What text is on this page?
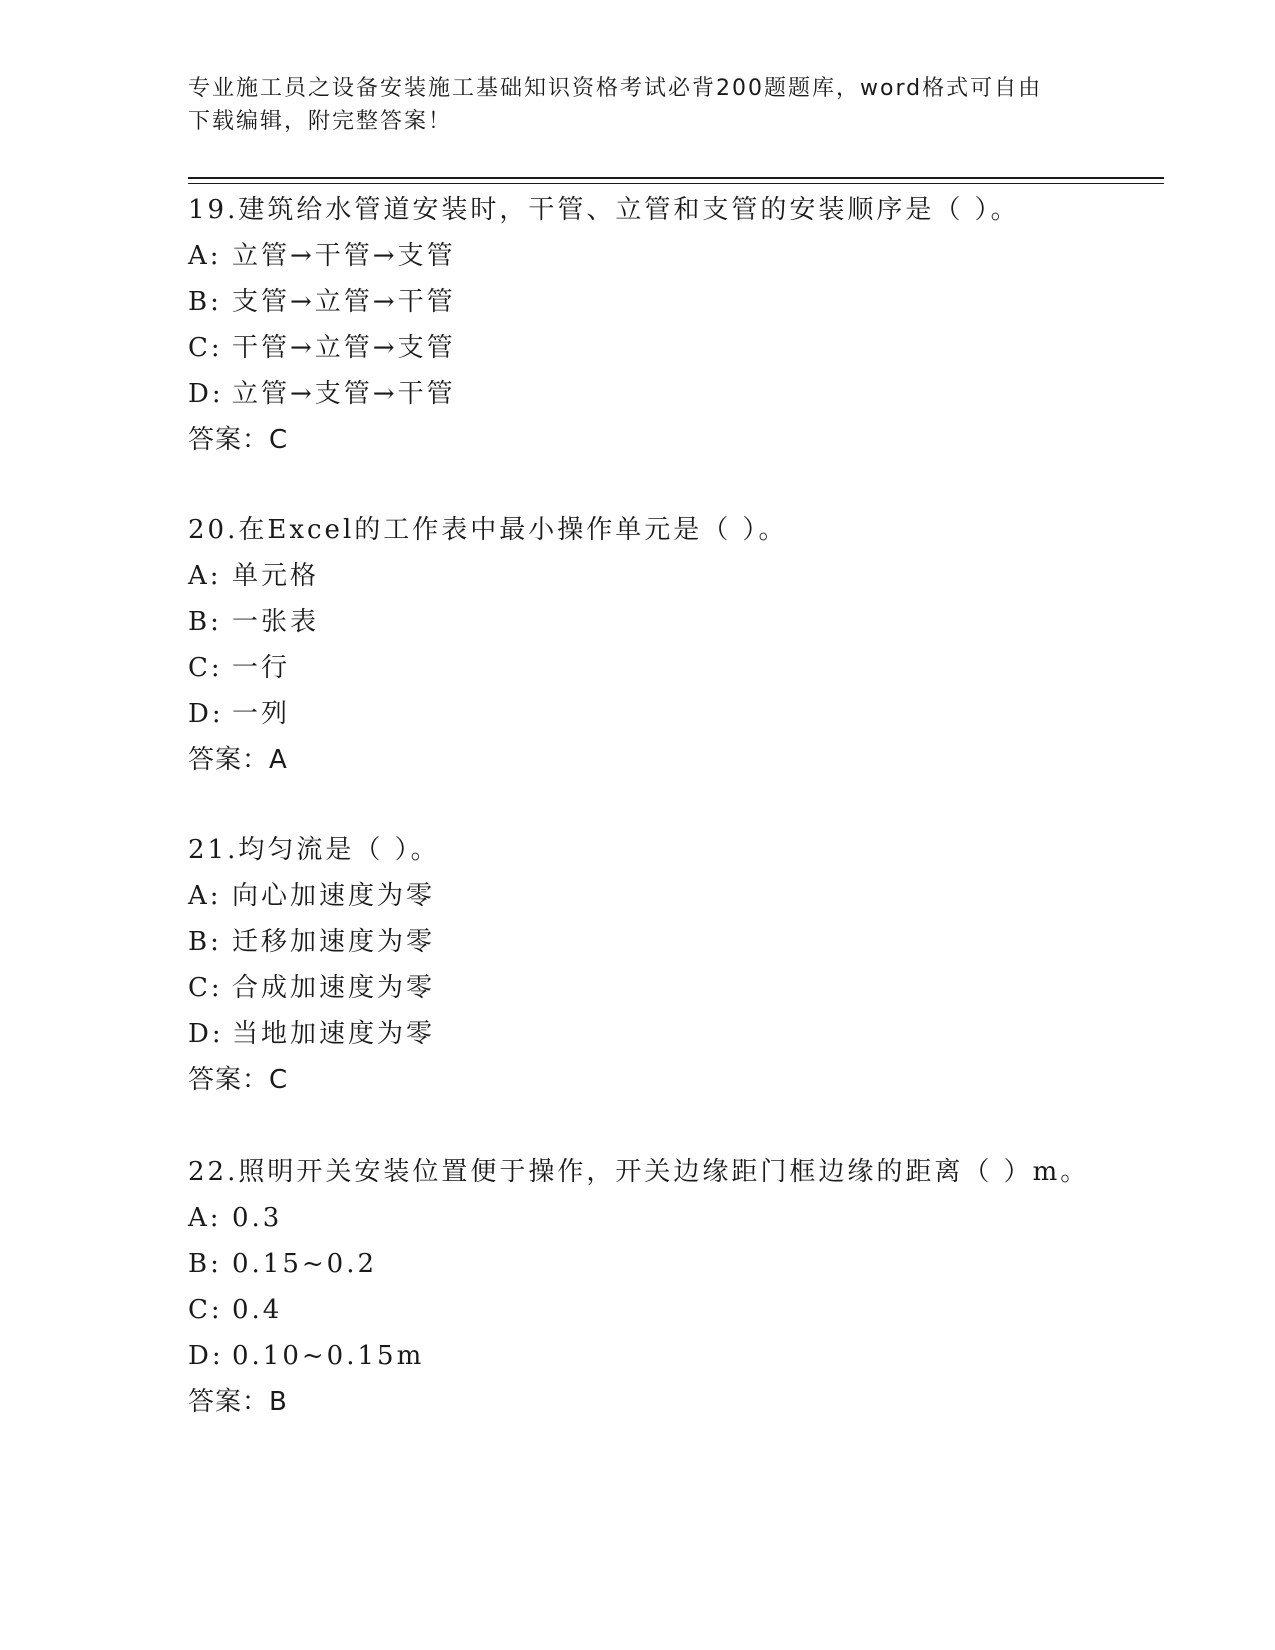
专业施工员之设备安装施工基础知识资格考试必背200题题库，word格式可自由
下载编辑，附完整答案！
19.建筑给水管道安装时，干管、立管和支管的安装顺序是（ ）。
A: 立管→干管→支管
B: 支管→立管→干管
C: 干管→立管→支管
D: 立管→支管→干管
答案：C
20.在Excel的工作表中最小操作单元是（ ）。
A: 单元格
B: 一张表
C: 一行
D: 一列
答案：A
21.均匀流是（ ）。
A: 向心加速度为零
B: 迁移加速度为零
C: 合成加速度为零
D: 当地加速度为零
答案：C
22.照明开关安装位置便于操作，开关边缘距门框边缘的距离（ ）m。
A: 0.3
B: 0.15~0.2
C: 0.4
D: 0.10~0.15m
答案：B
